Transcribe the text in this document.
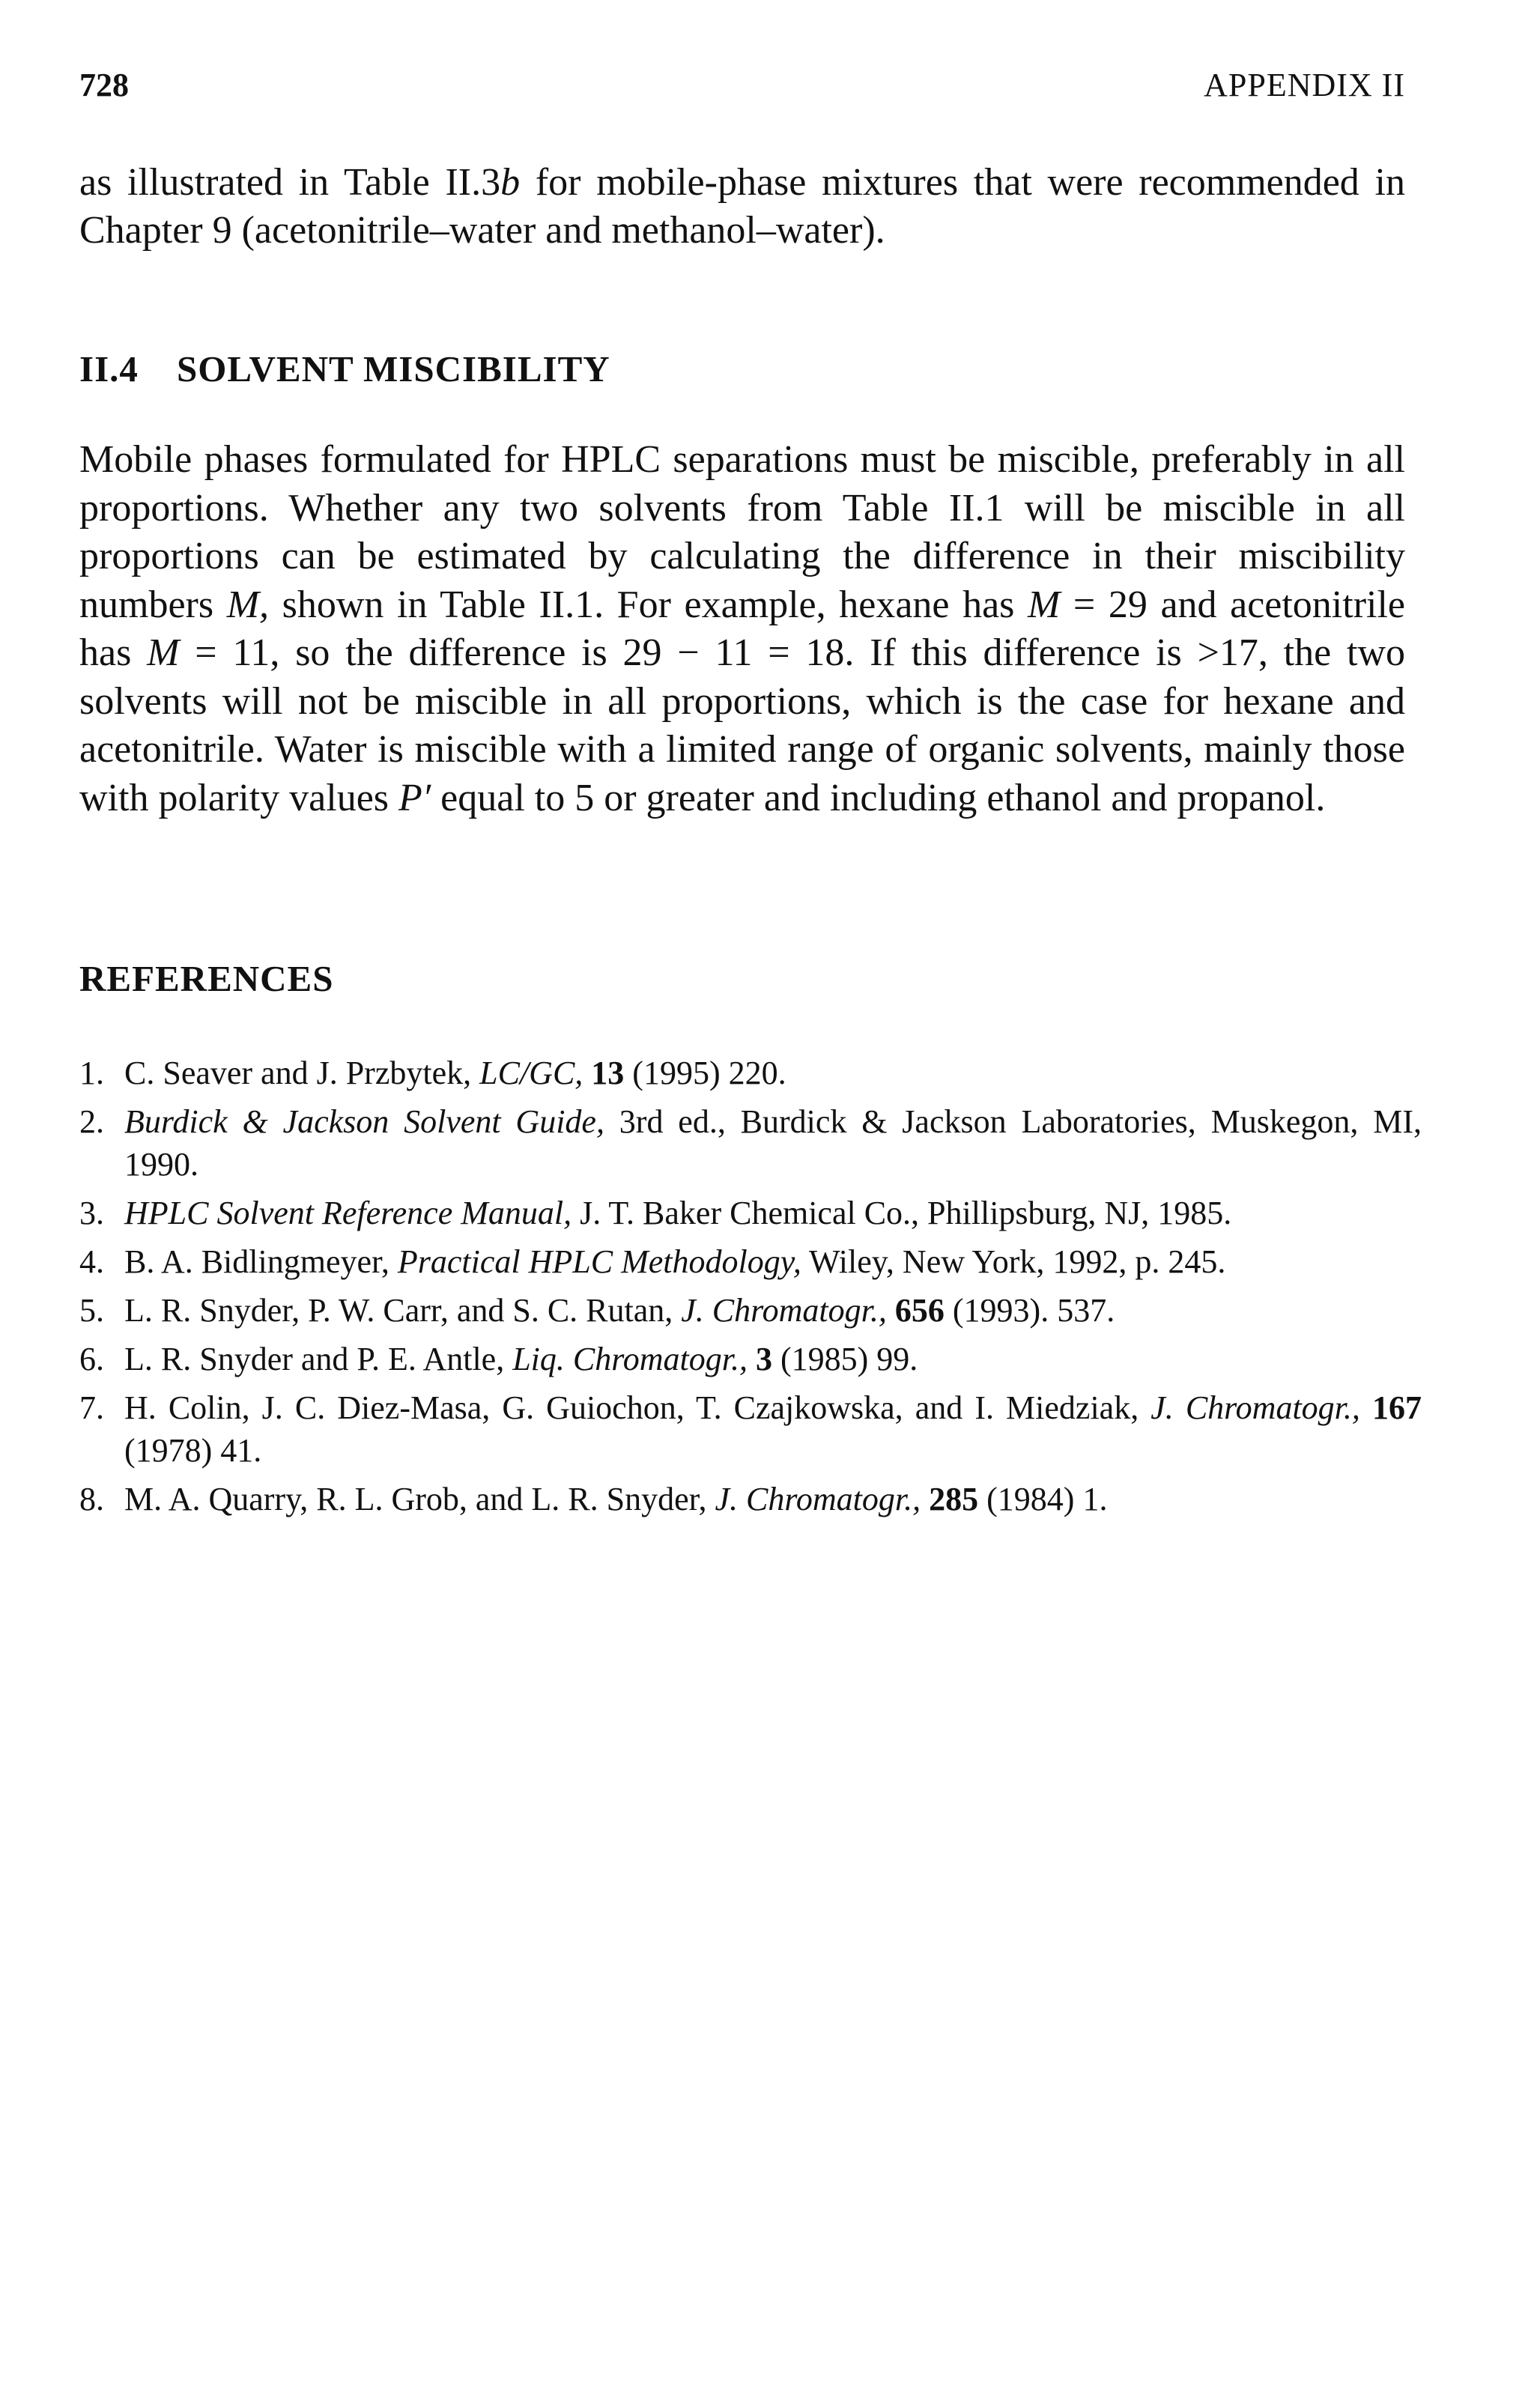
728	APPENDIX II

as illustrated in Table II.3b for mobile-phase mixtures that were recommended in Chapter 9 (acetonitrile–water and methanol–water).

II.4 SOLVENT MISCIBILITY

Mobile phases formulated for HPLC separations must be miscible, preferably in all proportions. Whether any two solvents from Table II.1 will be miscible in all proportions can be estimated by calculating the difference in their miscibility numbers M, shown in Table II.1. For example, hexane has M = 29 and acetonitrile has M = 11, so the difference is 29 − 11 = 18. If this difference is >17, the two solvents will not be miscible in all proportions, which is the case for hexane and acetonitrile. Water is miscible with a limited range of organic solvents, mainly those with polarity values P′ equal to 5 or greater and including ethanol and propanol.

REFERENCES
1. C. Seaver and J. Przbytek, LC/GC, 13 (1995) 220.
2. Burdick & Jackson Solvent Guide, 3rd ed., Burdick & Jackson Laboratories, Muskegon, MI, 1990.
3. HPLC Solvent Reference Manual, J. T. Baker Chemical Co., Phillipsburg, NJ, 1985.
4. B. A. Bidlingmeyer, Practical HPLC Methodology, Wiley, New York, 1992, p. 245.
5. L. R. Snyder, P. W. Carr, and S. C. Rutan, J. Chromatogr., 656 (1993). 537.
6. L. R. Snyder and P. E. Antle, Liq. Chromatogr., 3 (1985) 99.
7. H. Colin, J. C. Diez-Masa, G. Guiochon, T. Czajkowska, and I. Miedziak, J. Chromatogr., 167 (1978) 41.
8. M. A. Quarry, R. L. Grob, and L. R. Snyder, J. Chromatogr., 285 (1984) 1.
